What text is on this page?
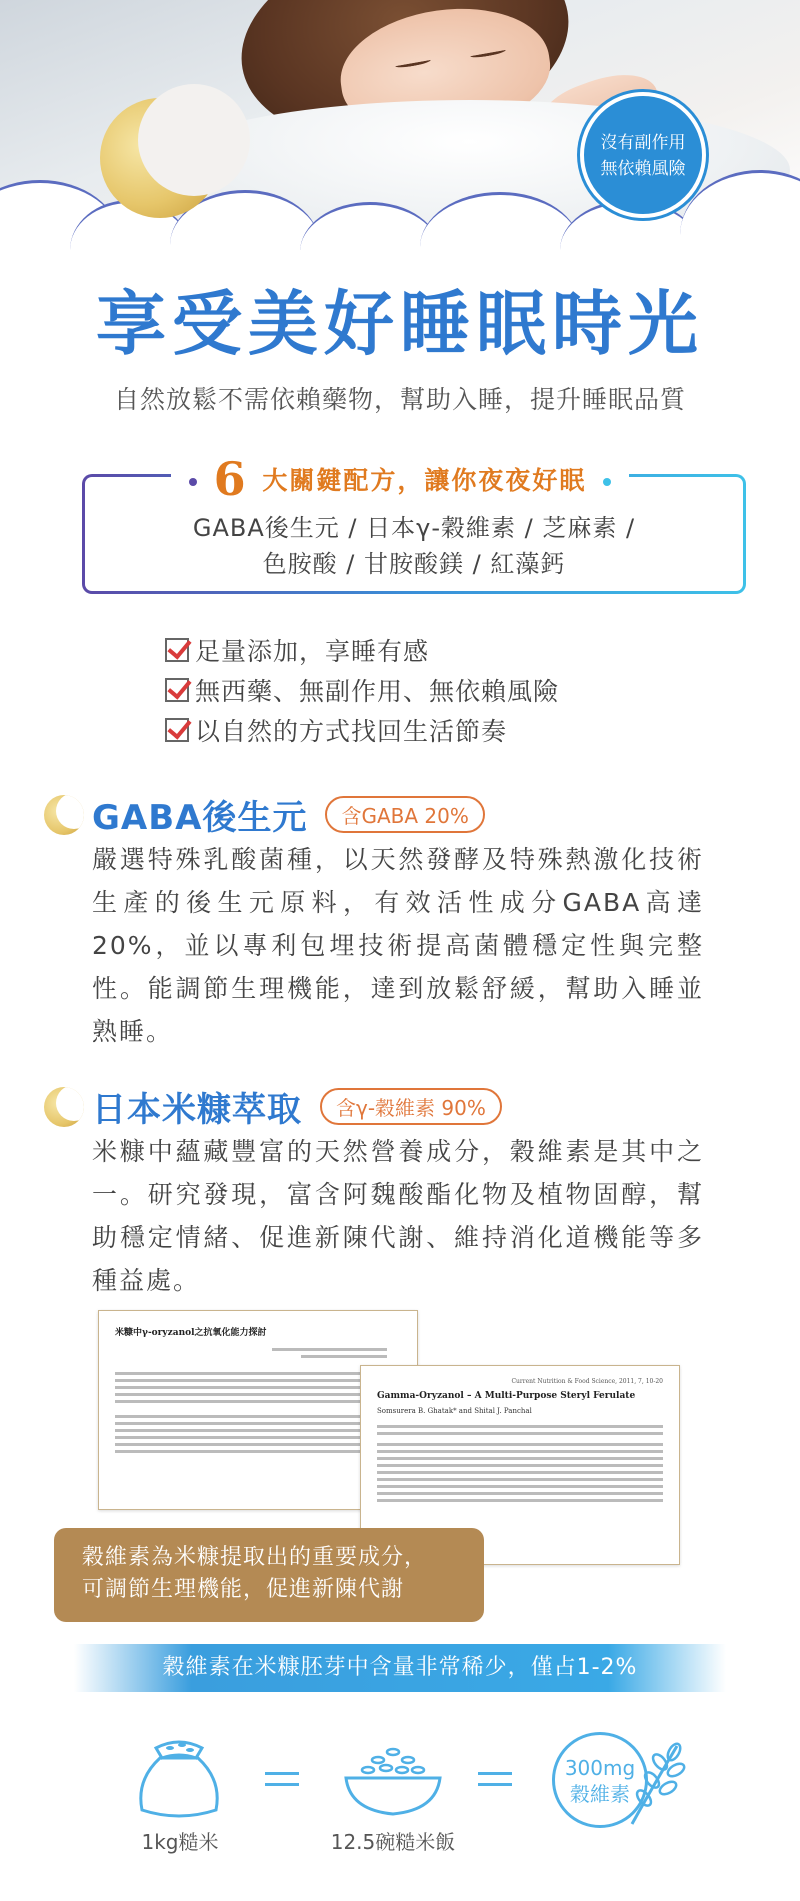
沒有副作用
無依賴風險
享受美好睡眠時光
自然放鬆不需依賴藥物，幫助入睡，提升睡眠品質
6 大關鍵配方，讓你夜夜好眠
GABA後生元 / 日本γ-穀維素 / 芝麻素 /
色胺酸 / 甘胺酸鎂 / 紅藻鈣
足量添加，享睡有感
無西藥、無副作用、無依賴風險
以自然的方式找回生活節奏
GABA後生元	含GABA 20%
嚴選特殊乳酸菌種，以天然發酵及特殊熱激化技術生產的後生元原料，有效活性成分GABA高達20%，並以專利包埋技術提高菌體穩定性與完整性。能調節生理機能，達到放鬆舒緩，幫助入睡並熟睡。
日本米糠萃取	含γ-穀維素 90%
米糠中蘊藏豐富的天然營養成分，穀維素是其中之一。研究發現，富含阿魏酸酯化物及植物固醇，幫助穩定情緒、促進新陳代謝、維持消化道機能等多種益處。
米糠中γ-oryzanol之抗氧化能力探討
Current Nutrition & Food Science, 2011, 7, 10-20
Gamma-Oryzanol – A Multi-Purpose Steryl Ferulate
Somsurera B. Ghatak* and Shital J. Panchal
穀維素為米糠提取出的重要成分，
可調節生理機能，促進新陳代謝
穀維素在米糠胚芽中含量非常稀少，僅占1-2%
300mg
穀維素
1kg糙米	12.5碗糙米飯
